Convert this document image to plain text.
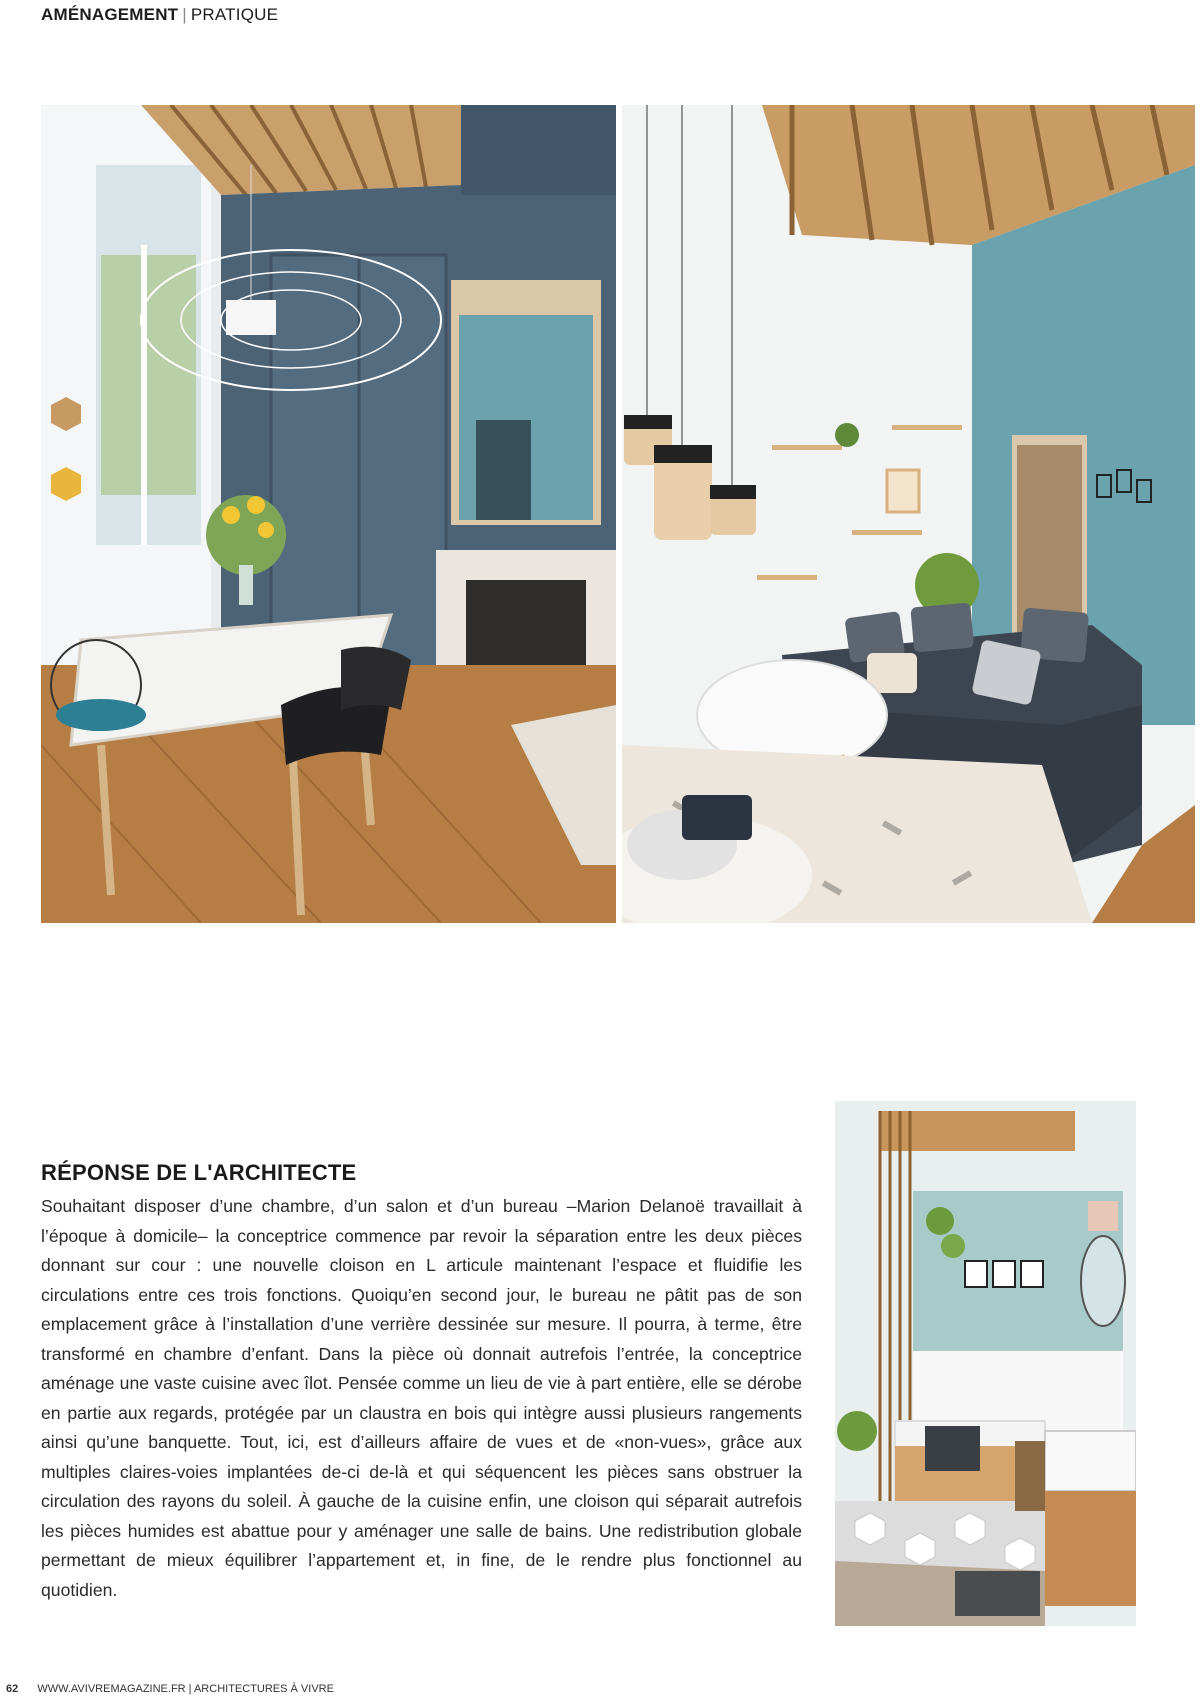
AMÉNAGEMENT | PRATIQUE
RÉPONSE DE L'ARCHITECTE

Souhaitant disposer d’une chambre, d’un salon et d’un bureau –Marion Delanoë travaillait à l’époque à domicile– la conceptrice commence par revoir la séparation entre les deux pièces donnant sur cour : une nouvelle cloison en L articule maintenant l’espace et fluidifie les circulations entre ces trois fonctions. Quoiqu’en second jour, le bureau ne pâtit pas de son emplacement grâce à l’installation d’une verrière dessinée sur mesure. Il pourra, à terme, être transformé en chambre d’enfant. Dans la pièce où donnait autrefois l’entrée, la conceptrice aménage une vaste cuisine avec îlot. Pensée comme un lieu de vie à part entière, elle se dérobe en partie aux regards, protégée par un claustra en bois qui intègre aussi plusieurs rangements ainsi qu’une banquette. Tout, ici, est d’ailleurs affaire de vues et de «non-vues», grâce aux multiples claires-voies implantées de-ci de-là et qui séquencent les pièces sans obstruer la circulation des rayons du soleil. À gauche de la cuisine enfin, une cloison qui séparait autrefois les pièces humides est abattue pour y aménager une salle de bains. Une redistribution globale permettant de mieux équilibrer l’appartement et, in fine, de le rendre plus fonctionnel au quotidien.

62 WWW.AVIVREMAGAZINE.FR | ARCHITECTURES À VIVRE
